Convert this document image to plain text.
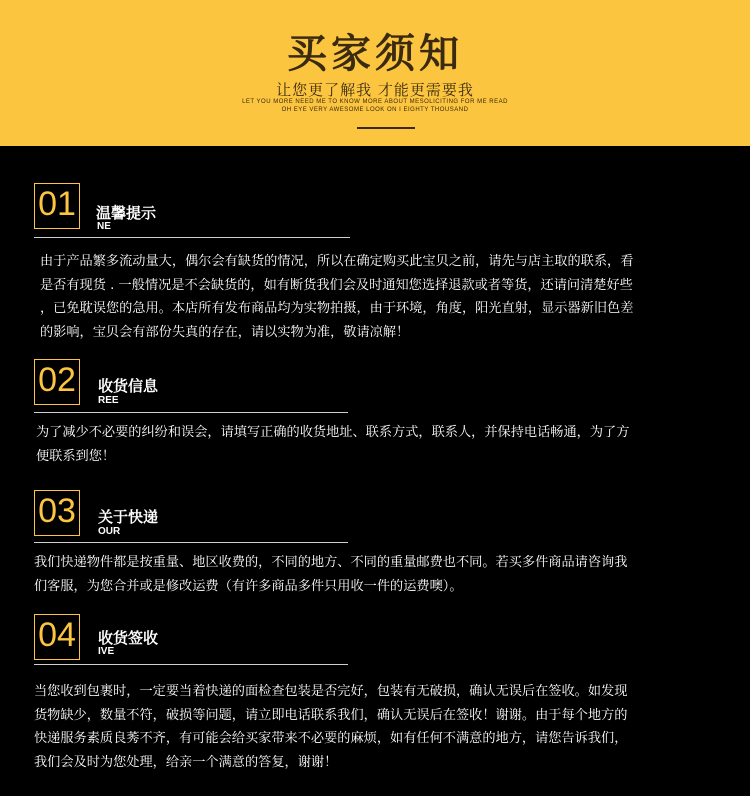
买家须知
让您更了解我 才能更需要我
LET YOU MORE NEED ME TO KNOW MORE ABOUT MESOLICITING FOR ME READ
OH EYE VERY AWESOME LOOK ON I EIGHTY THOUSAND
01 温馨提示
NE
由于产品繁多流动量大，偶尔会有缺货的情况，所以在确定购买此宝贝之前，请先与店主取的联系，看
是否有现货 . 一般情况是不会缺货的，如有断货我们会及时通知您选择退款或者等货，还请问清楚好些
，已免耽误您的急用。本店所有发布商品均为实物拍摄，由于环境，角度，阳光直射，显示器新旧色差
的影响，宝贝会有部份失真的存在，请以实物为准，敬请凉解！
02 收货信息
REE
为了减少不必要的纠纷和误会，请填写正确的收货地址、联系方式，联系人，并保持电话畅通，为了方
便联系到您！
03 关于快递
OUR
我们快递物件都是按重量、地区收费的，不同的地方、不同的重量邮费也不同。若买多件商品请咨询我
们客服，为您合并或是修改运费（有许多商品多件只用收一件的运费噢）。
04 收货签收
IVE
当您收到包裹时，一定要当着快递的面检查包装是否完好，包装有无破损，确认无误后在签收。如发现
货物缺少，数量不符，破损等问题，请立即电话联系我们，确认无误后在签收！谢谢。由于每个地方的
快递服务素质良莠不齐，有可能会给买家带来不必要的麻烦，如有任何不满意的地方，请您告诉我们，
我们会及时为您处理，给亲一个满意的答复，谢谢！
